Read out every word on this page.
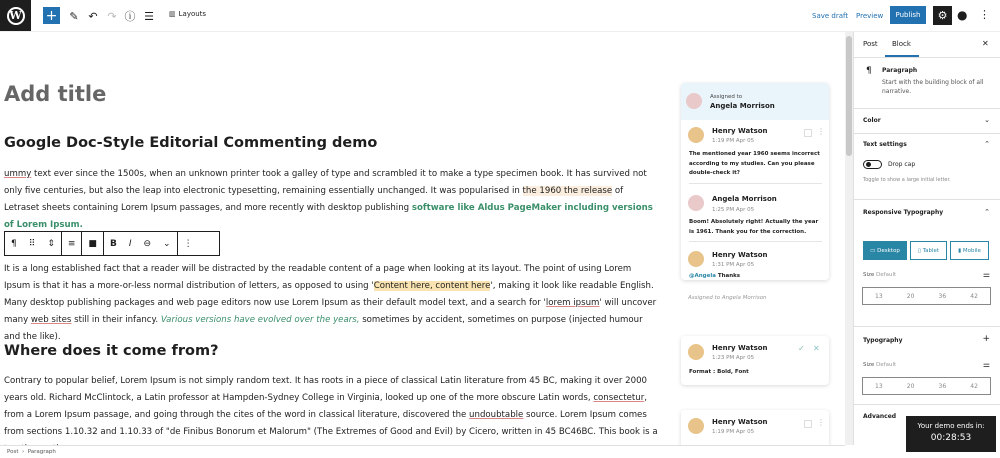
W +	✎ ↶ ↷ ⓘ ☰	▥ Layouts	Save draft Preview	Publish	⚙ ● ⋮
Add title
Google Doc-Style Editorial Commenting demo
ummy text ever since the 1500s, when an unknown printer took a galley of type and scrambled it to make a type specimen book. It has survived not only five centuries, but also the leap into electronic typesetting, remaining essentially unchanged. It was popularised in the 1960 the release of Letraset sheets containing Lorem Ipsum passages, and more recently with desktop publishing software like Aldus PageMaker including versions of Lorem Ipsum.
¶	⠿	⇕	≡	■	B	I	⊖	⌄	⋮
It is a long established fact that a reader will be distracted by the readable content of a page when looking at its layout. The point of using Lorem Ipsum is that it has a more-or-less normal distribution of letters, as opposed to using 'Content here, content here', making it look like readable English. Many desktop publishing packages and web page editors now use Lorem Ipsum as their default model text, and a search for 'lorem ipsum' will uncover many web sites still in their infancy. Various versions have evolved over the years, sometimes by accident, sometimes on purpose (injected humour and the like).
Where does it come from?
Contrary to popular belief, Lorem Ipsum is not simply random text. It has roots in a piece of classical Latin literature from 45 BC, making it over 2000 years old. Richard McClintock, a Latin professor at Hampden-Sydney College in Virginia, looked up one of the more obscure Latin words, consectetur, from a Lorem Ipsum passage, and going through the cites of the word in classical literature, discovered the undoubtable source. Lorem Ipsum comes from sections 1.10.32 and 1.10.33 of "de Finibus Bonorum et Malorum" (The Extremes of Good and Evil) by Cicero, written in 45 BC46BC. This book is a
Assigned to
Angela Morrison
Henry Watson
1:19 PM Apr 05
⋮
The mentioned year 1960 seems incorrect according to my studies. Can you please double-check it?
Angela Morrison
1:25 PM Apr 05
Boom! Absolutely right! Actually the year is 1961. Thank you for the correction.
Henry Watson
1:31 PM Apr 05
@Angela Thanks
Assigned to Angela Morrison
Henry Watson
1:23 PM Apr 05
✓ ✕
Format : Bold, Font
Henry Watson
1:19 PM Apr 05
⋮
Post Block	✕
¶ Paragraph
Start with the building block of all narrative.
Color	⌄
Text settings	⌃
Drop cap
Toggle to show a large initial letter.
Responsive Typography	⌃
▭ Desktop	▯ Tablet	▮ Mobile
Size Default	⚌
13	20	36	42
Typography	+
Size Default	⚌
13	20	36	42
Advanced
Post  ›  Paragraph
Your demo ends in:
00:28:53
